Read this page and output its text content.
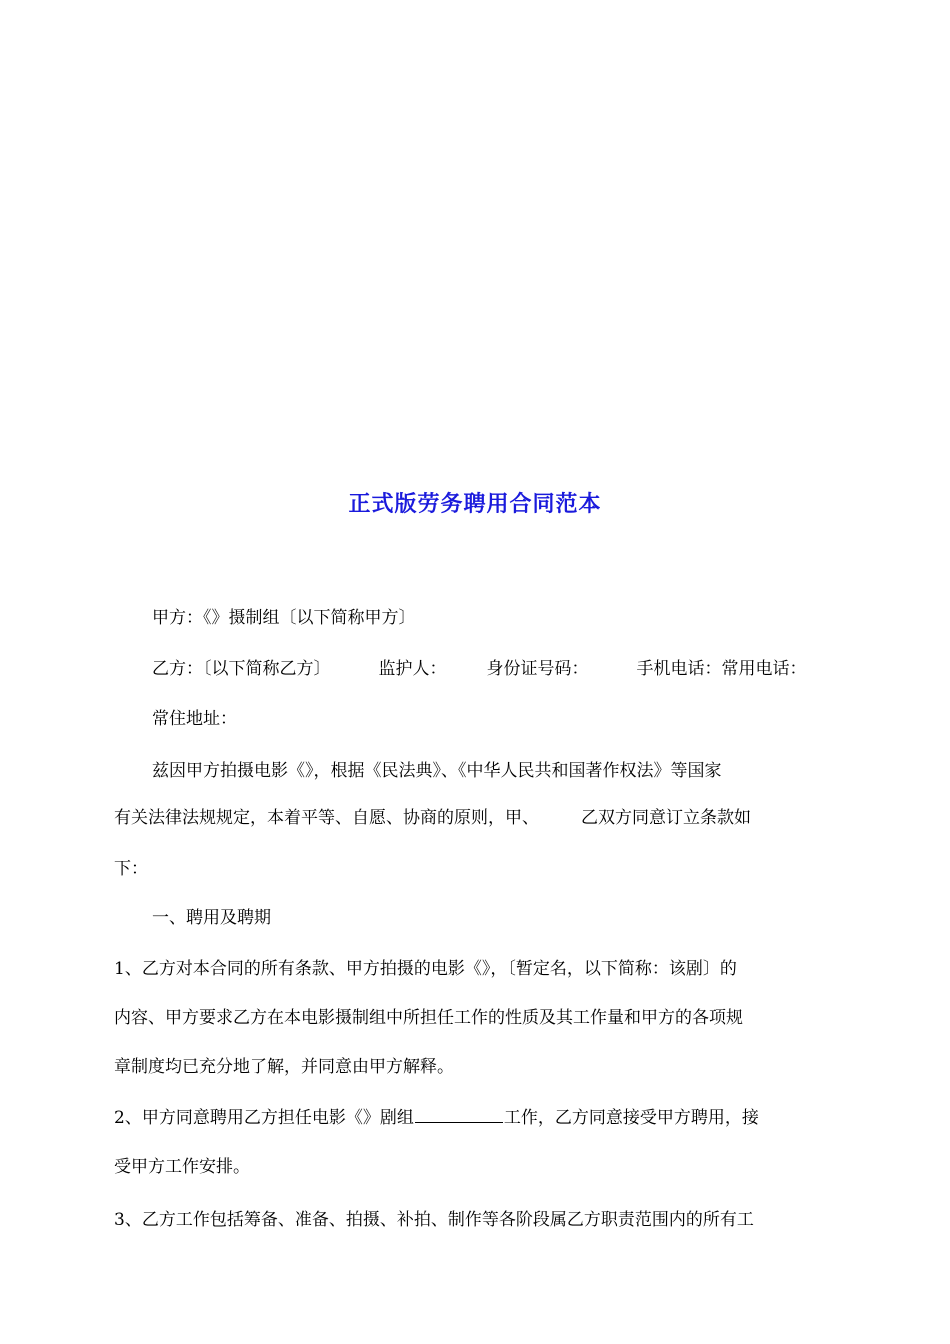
正式版劳务聘用合同范本

甲方：《》摄制组〔以下简称甲方〕

乙方：〔以下简称乙方〕	监护人： 身份证号码：	手机电话：常用电话：

常住地址：

兹因甲方拍摄电影《》，根据《民法典》、《中华人民共和国著作权法》等国家

有关法律法规规定，本着平等、自愿、协商的原则，甲、 乙双方同意订立条款如

下：

一、聘用及聘期

1、乙方对本合同的所有条款、甲方拍摄的电影《》，〔暂定名，以下简称：该剧〕的

内容、甲方要求乙方在本电影摄制组中所担任工作的性质及其工作量和甲方的各项规

章制度均已充分地了解，并同意由甲方解释。

2、甲方同意聘用乙方担任电影《》剧组	工作，乙方同意接受甲方聘用，接

受甲方工作安排。

3、乙方工作包括筹备、准备、拍摄、补拍、制作等各阶段属乙方职责范围内的所有工
